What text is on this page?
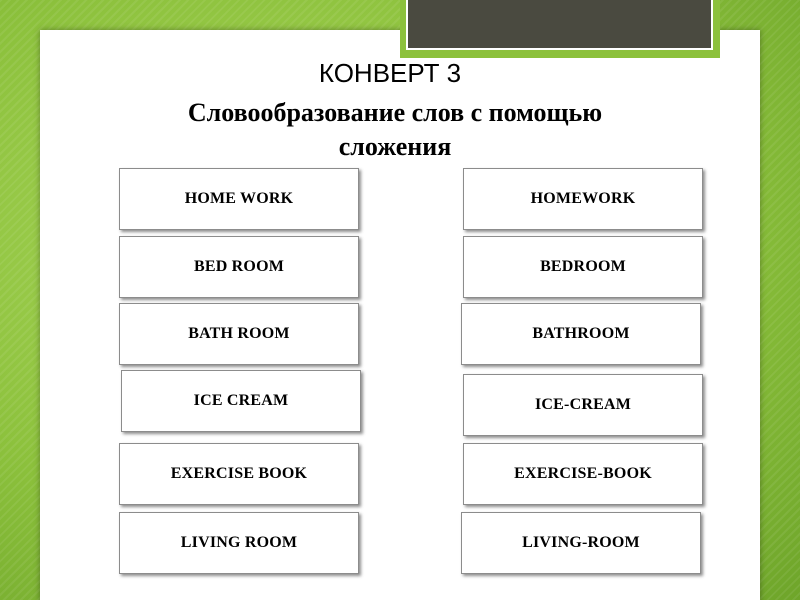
КОНВЕРТ 3
Словообразование слов с помощью сложения
HOME WORK
BED ROOM
BATH ROOM
ICE CREAM
EXERCISE BOOK
LIVING ROOM
HOMEWORK
BEDROOM
BATHROOM
ICE-CREAM
EXERCISE-BOOK
LIVING-ROOM
